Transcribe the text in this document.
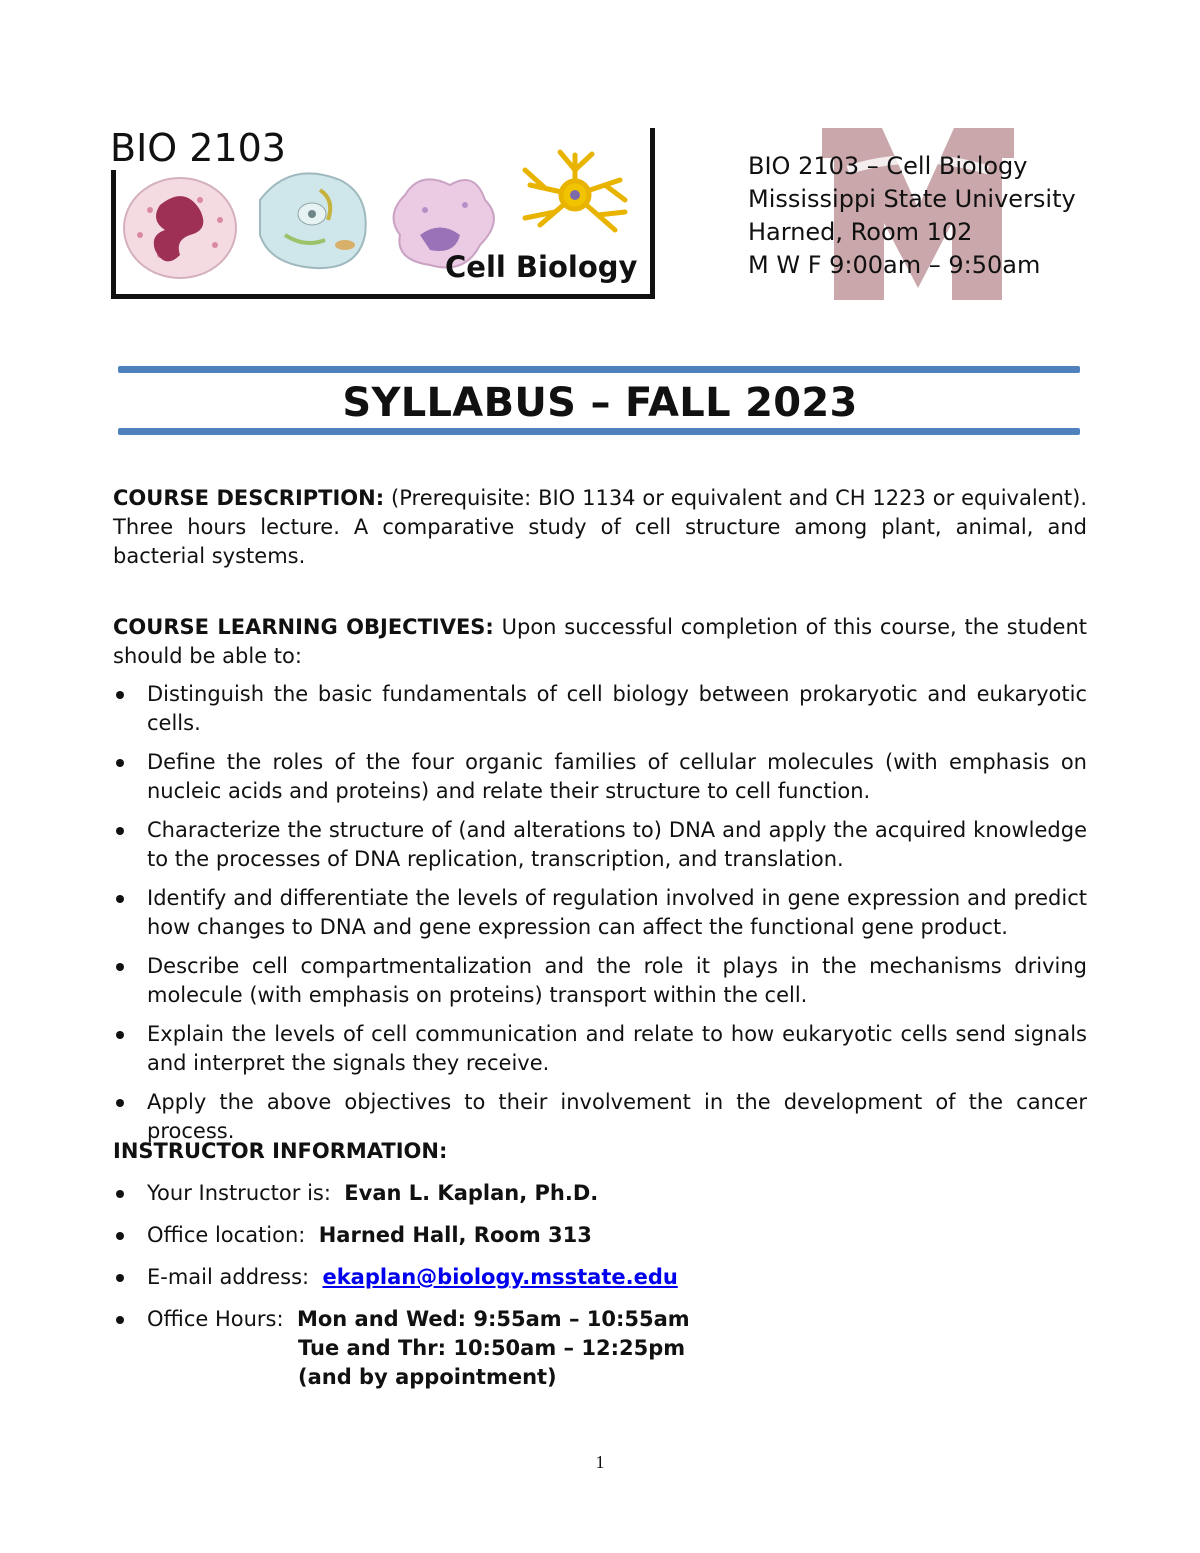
BIO 2103
Cell Biology
BIO 2103 – Cell Biology
Mississippi State University
Harned, Room 102
M W F 9:00am – 9:50am
SYLLABUS – FALL 2023
COURSE DESCRIPTION: (Prerequisite: BIO 1134 or equivalent and CH 1223 or equivalent). Three hours lecture. A comparative study of cell structure among plant, animal, and bacterial systems.
COURSE LEARNING OBJECTIVES: Upon successful completion of this course, the student should be able to:
Distinguish the basic fundamentals of cell biology between prokaryotic and eukaryotic cells.
Define the roles of the four organic families of cellular molecules (with emphasis on nucleic acids and proteins) and relate their structure to cell function.
Characterize the structure of (and alterations to) DNA and apply the acquired knowledge to the processes of DNA replication, transcription, and translation.
Identify and differentiate the levels of regulation involved in gene expression and predict how changes to DNA and gene expression can affect the functional gene product.
Describe cell compartmentalization and the role it plays in the mechanisms driving molecule (with emphasis on proteins) transport within the cell.
Explain the levels of cell communication and relate to how eukaryotic cells send signals and interpret the signals they receive.
Apply the above objectives to their involvement in the development of the cancer process.
INSTRUCTOR INFORMATION:
Your Instructor is: Evan L. Kaplan, Ph.D.
Office location: Harned Hall, Room 313
E-mail address: ekaplan@biology.msstate.edu
Office Hours: Mon and Wed: 9:55am – 10:55am
Tue and Thr: 10:50am – 12:25pm
(and by appointment)
1
